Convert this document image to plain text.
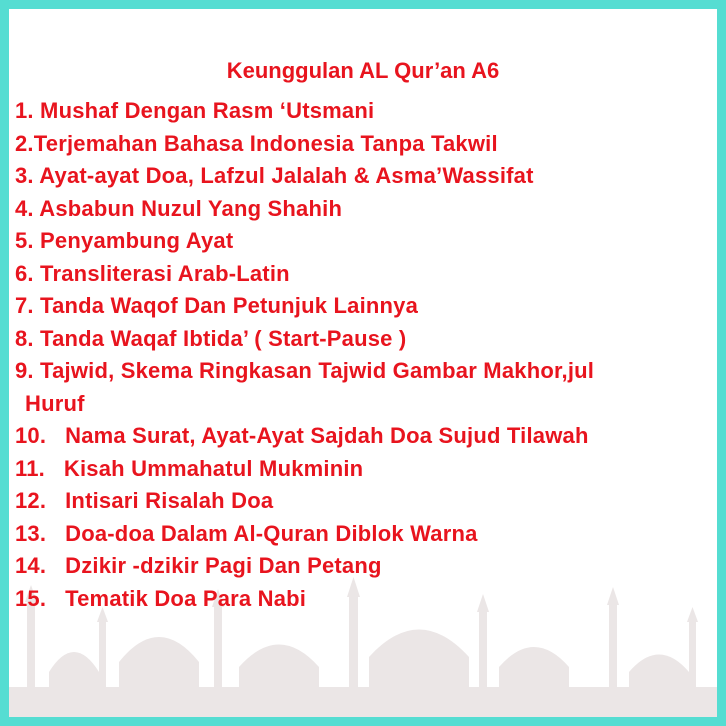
Keunggulan AL Qur’an A6
1. Mushaf Dengan Rasm ‘Utsmani
2.Terjemahan Bahasa Indonesia Tanpa Takwil
3. Ayat-ayat Doa, Lafzul Jalalah & Asma’Wassifat
4. Asbabun Nuzul Yang Shahih
5. Penyambung Ayat
6. Transliterasi Arab-Latin
7. Tanda Waqof Dan Petunjuk Lainnya
8. Tanda Waqaf Ibtida’ ( Start-Pause )
9. Tajwid, Skema Ringkasan Tajwid Gambar Makhor,jul
Huruf
10.   Nama Surat, Ayat-Ayat Sajdah Doa Sujud Tilawah
11.   Kisah Ummahatul Mukminin
12.   Intisari Risalah Doa
13.   Doa-doa Dalam Al-Quran Diblok Warna
14.   Dzikir -dzikir Pagi Dan Petang
15.   Tematik Doa Para Nabi
